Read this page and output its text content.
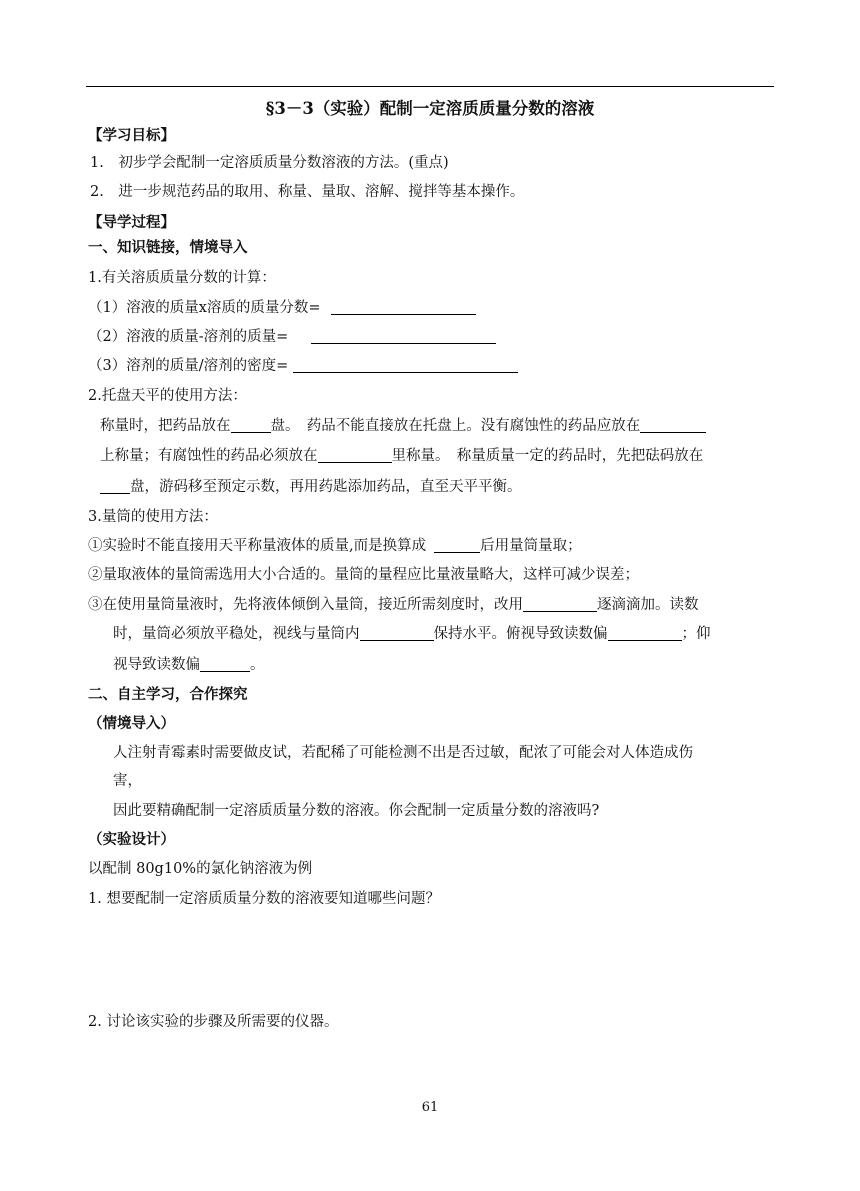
§3－3（实验）配制一定溶质质量分数的溶液
【学习目标】
1.　初步学会配制一定溶质质量分数溶液的方法。(重点)
2.　进一步规范药品的取用、称量、量取、溶解、搅拌等基本操作。
【导学过程】
一、知识链接，情境导入
1.有关溶质质量分数的计算：
（1）溶液的质量x溶质的质量分数=
（2）溶液的质量-溶剂的质量=
（3）溶剂的质量/溶剂的密度=
2.托盘天平的使用方法：
称量时，把药品放在	盘。　药品不能直接放在托盘上。没有腐蚀性的药品应放在
上称量；有腐蚀性的药品必须放在	里称量。　称量质量一定的药品时，先把砝码放在
盘，游码移至预定示数，再用药匙添加药品，直至天平平衡。
3.量筒的使用方法：
①实验时不能直接用天平称量液体的质量,而是换算成	后用量筒量取；
②量取液体的量筒需选用大小合适的。量筒的量程应比量液量略大，这样可减少误差；
③在使用量筒量液时，先将液体倾倒入量筒，接近所需刻度时，改用	逐滴滴加。读数
时，量筒必须放平稳处，视线与量筒内	保持水平。俯视导致读数偏	；仰
视导致读数偏	。
二、自主学习，合作探究
（情境导入）
人注射青霉素时需要做皮试，若配稀了可能检测不出是否过敏，配浓了可能会对人体造成伤
害，
因此要精确配制一定溶质质量分数的溶液。你会配制一定质量分数的溶液吗?
（实验设计）
以配制 80g10%的氯化钠溶液为例
1. 想要配制一定溶质质量分数的溶液要知道哪些问题？
2. 讨论该实验的步骤及所需要的仪器。
61
